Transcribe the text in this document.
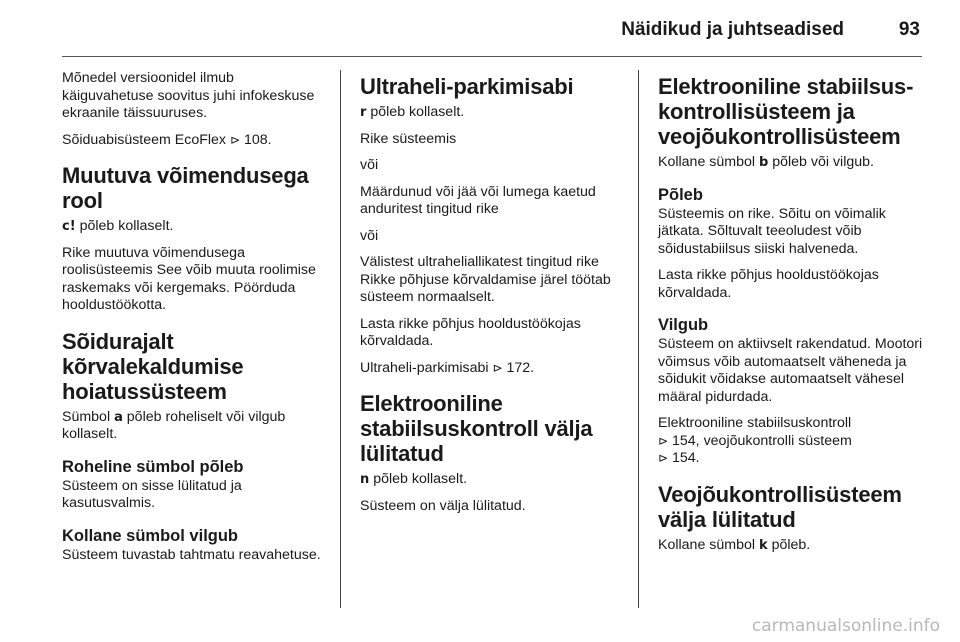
Näidikud ja juhtseadised	93

Mõnedel versioonidel ilmub käiguvahetuse soovitus juhi infokeskuse ekraanile täissuuruses.

Sõiduabisüsteem EcoFlex ⊳ 108.

Muutuva võimendusega rool

c! põleb kollaselt.

Rike muutuva võimendusega roolisüsteemis See võib muuta roolimise raskemaks või kergemaks. Pöörduda hooldustöökotta.

Sõidurajalt kõrvalekaldumise hoiatussüsteem

Sümbol a põleb roheliselt või vilgub kollaselt.

Roheline sümbol põleb

Süsteem on sisse lülitatud ja kasutusvalmis.

Kollane sümbol vilgub

Süsteem tuvastab tahtmatu reavahetuse.

Ultraheli-parkimisabi

r põleb kollaselt.

Rike süsteemis

või

Määrdunud või jää või lumega kaetud anduritest tingitud rike

või

Välistest ultraheliallikatest tingitud rike Rikke põhjuse kõrvaldamise järel töötab süsteem normaalselt.

Lasta rikke põhjus hooldustöökojas kõrvaldada.

Ultraheli-parkimisabi ⊳ 172.

Elektrooniline stabiilsuskontroll välja lülitatud

n põleb kollaselt.

Süsteem on välja lülitatud.

Elektrooniline stabiilsuskontrollisüsteem ja veojõukontrollisüsteem

Kollane sümbol b põleb või vilgub.

Põleb

Süsteemis on rike. Sõitu on võimalik jätkata. Sõltuvalt teeoludest võib sõidustabiilsus siiski halveneda.

Lasta rikke põhjus hooldustöökojas kõrvaldada.

Vilgub

Süsteem on aktiivselt rakendatud. Mootori võimsus võib automaatselt väheneda ja sõidukit võidakse automaatselt vähesel määral pidurdada.

Elektrooniline stabiilsuskontroll
⊳ 154, veojõukontrolli süsteem
⊳ 154.

Veojõukontrollisüsteem välja lülitatud

Kollane sümbol k põleb.

carmanualsonline.info
